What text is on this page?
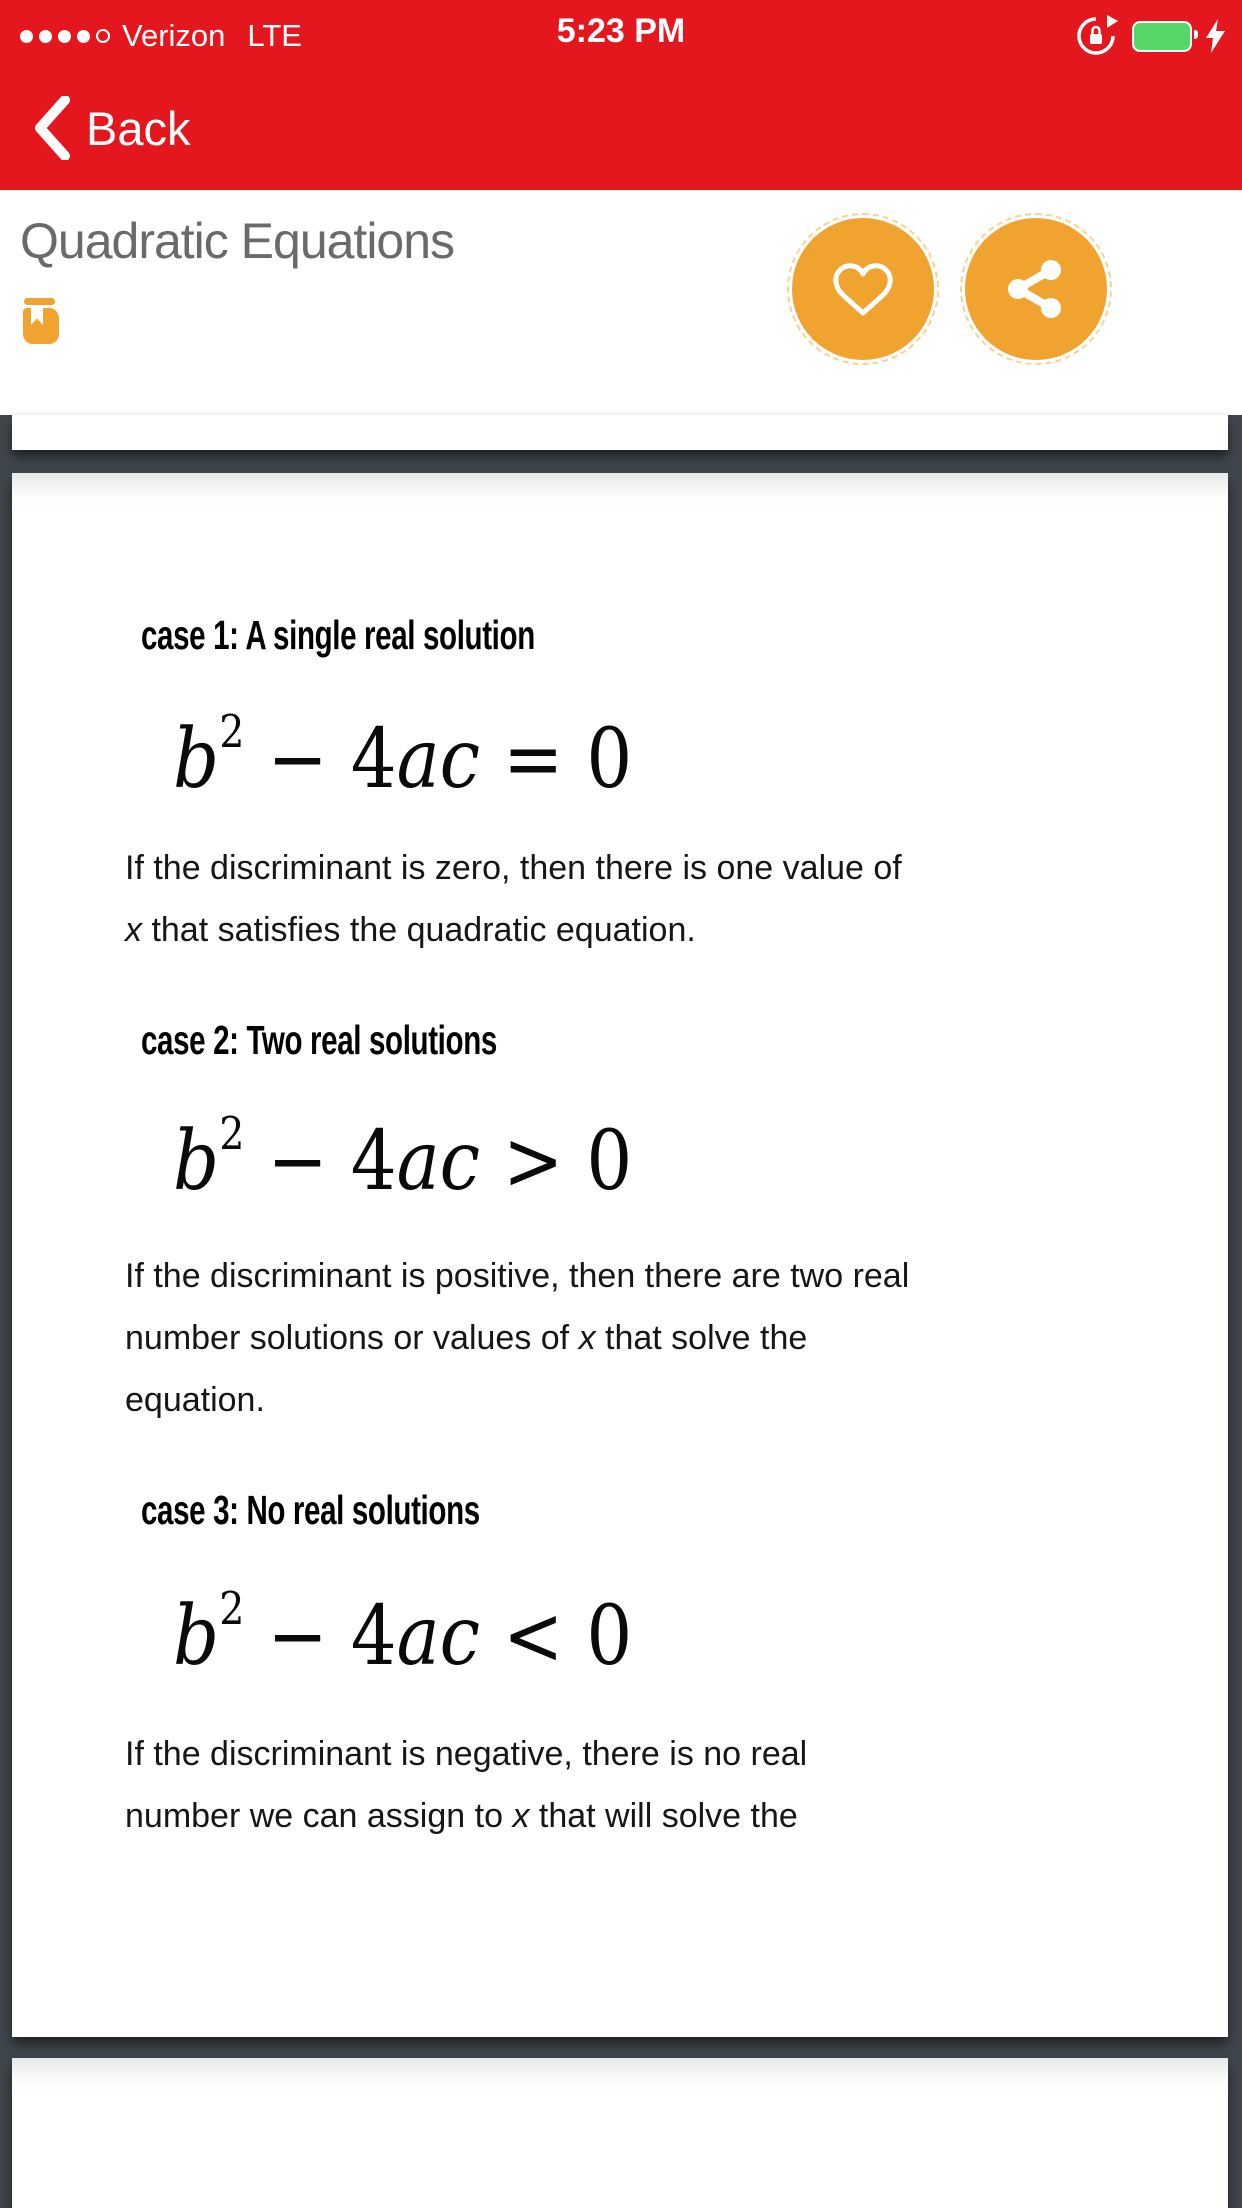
Verizon LTE	5:23 PM
Back
Quadratic Equations
case 1: A single real solution
$b^2 - 4ac = 0$
If the discriminant is zero, then there is one value of
x that satisfies the quadratic equation.
case 2: Two real solutions
$b^2 - 4ac > 0$
If the discriminant is positive, then there are two real
number solutions or values of x that solve the
equation.
case 3: No real solutions
$b^2 - 4ac < 0$
If the discriminant is negative, there is no real
number we can assign to x that will solve the
